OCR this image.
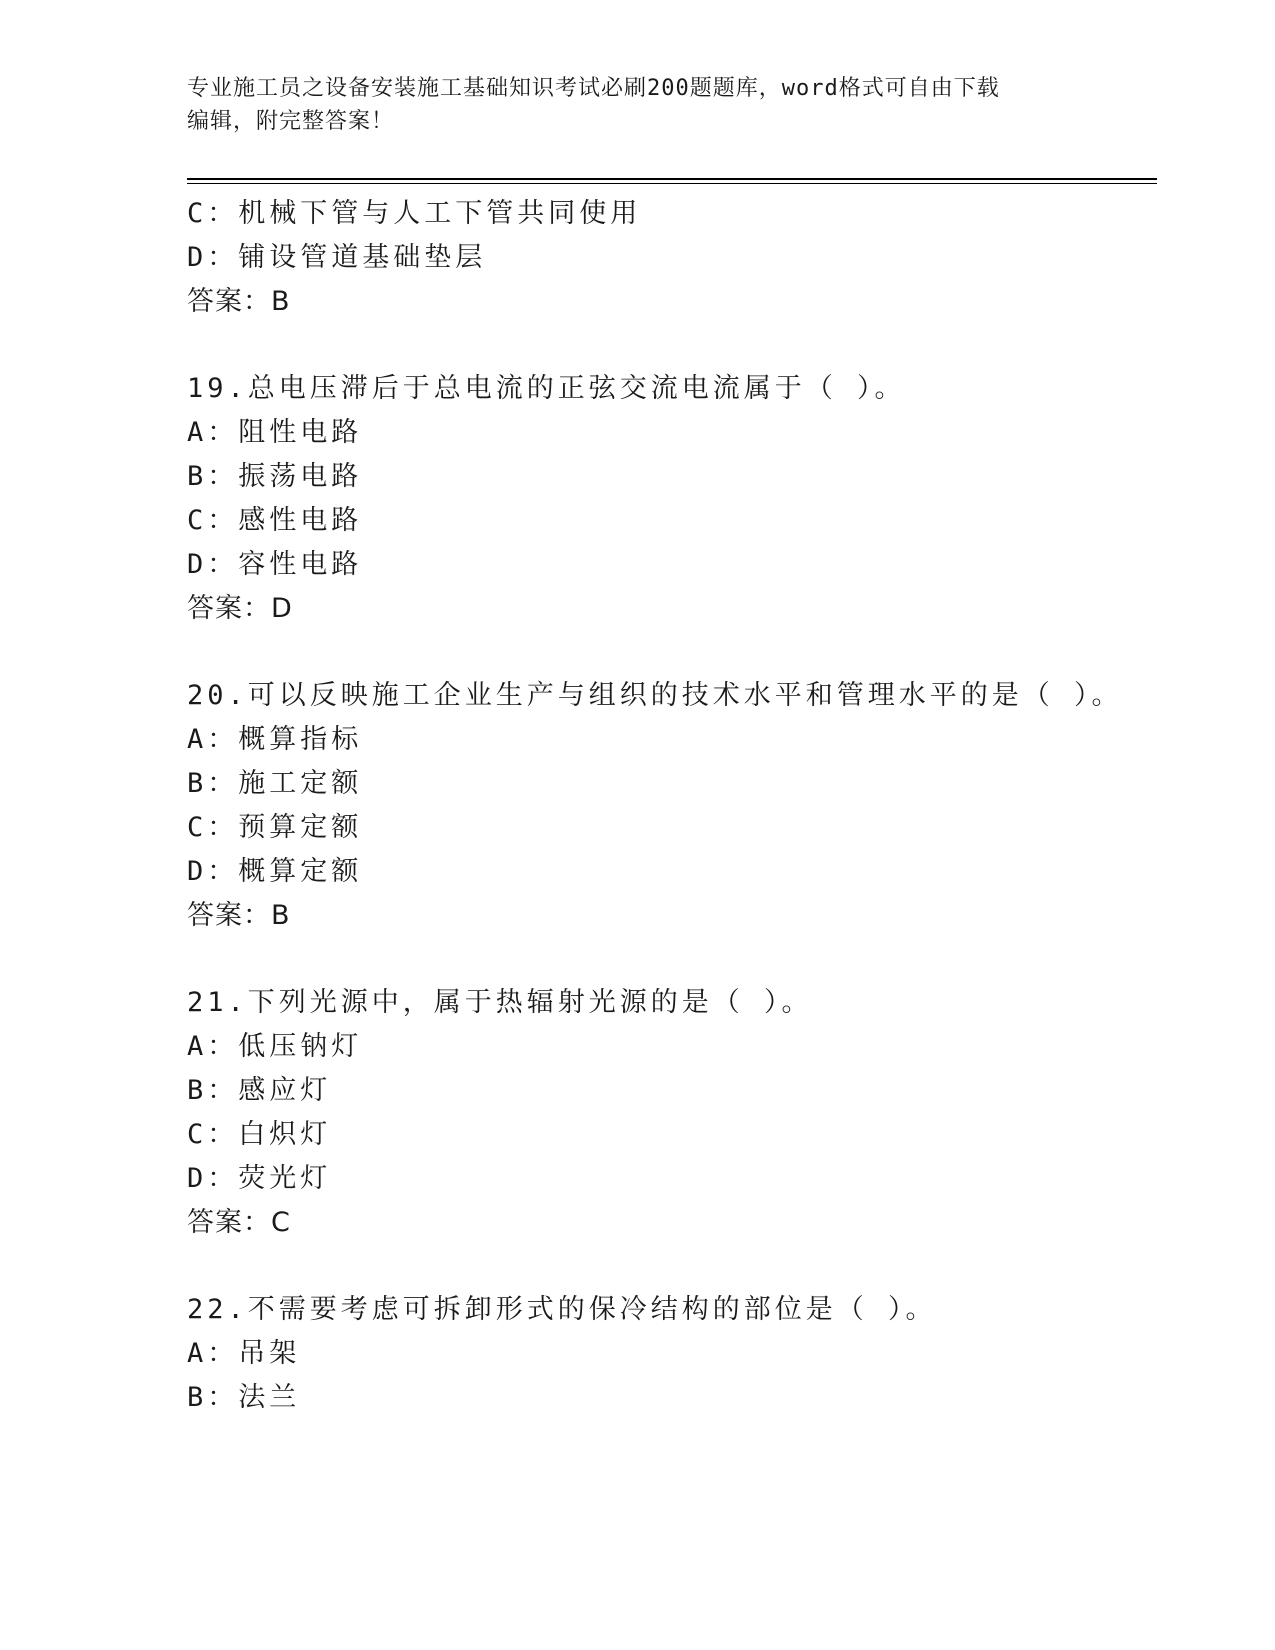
专业施工员之设备安装施工基础知识考试必刷200题题库，word格式可自由下载
编辑，附完整答案！
C：机械下管与人工下管共同使用
D：铺设管道基础垫层
答案：B
19.总电压滞后于总电流的正弦交流电流属于（ ）。
A：阻性电路
B：振荡电路
C：感性电路
D：容性电路
答案：D
20.可以反映施工企业生产与组织的技术水平和管理水平的是（ ）。
A：概算指标
B：施工定额
C：预算定额
D：概算定额
答案：B
21.下列光源中，属于热辐射光源的是（ ）。
A：低压钠灯
B：感应灯
C：白炽灯
D：荧光灯
答案：C
22.不需要考虑可拆卸形式的保冷结构的部位是（ ）。
A：吊架
B：法兰
